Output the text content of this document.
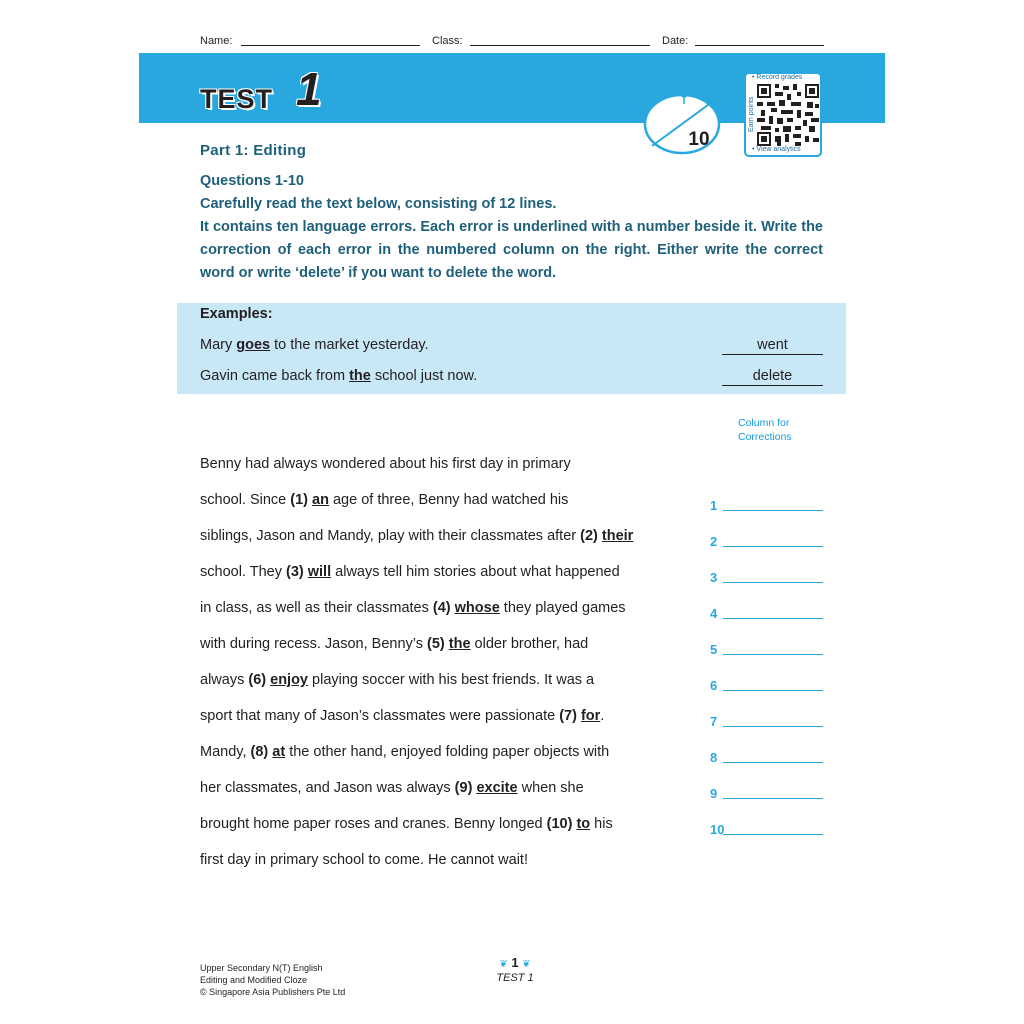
Name:	Class:	Date:
TEST 1
10
• Record grades
Earn points
• View analytics
Part 1: Editing
Questions 1-10
Carefully read the text below, consisting of 12 lines.
It contains ten language errors. Each error is underlined with a number beside it. Write the correction of each error in the numbered column on the right. Either write the correct word or write ‘delete’ if you want to delete the word.
Examples:
Mary goes to the market yesterday.	went
Gavin came back from the school just now.	delete
Column for
Corrections
Benny had always wondered about his first day in primary
school. Since (1) an age of three, Benny had watched his
siblings, Jason and Mandy, play with their classmates after (2) their
school. They (3) will always tell him stories about what happened
in class, as well as their classmates (4) whose they played games
with during recess. Jason, Benny’s (5) the older brother, had
always (6) enjoy playing soccer with his best friends. It was a
sport that many of Jason’s classmates were passionate (7) for.
Mandy, (8) at the other hand, enjoyed folding paper objects with
her classmates, and Jason was always (9) excite when she
brought home paper roses and cranes. Benny longed (10) to his
first day in primary school to come. He cannot wait!
1
2
3
4
5
6
7
8
9
10
Upper Secondary N(T) English
Editing and Modified Cloze
© Singapore Asia Publishers Pte Ltd
❦ 1 ❦
TEST 1
